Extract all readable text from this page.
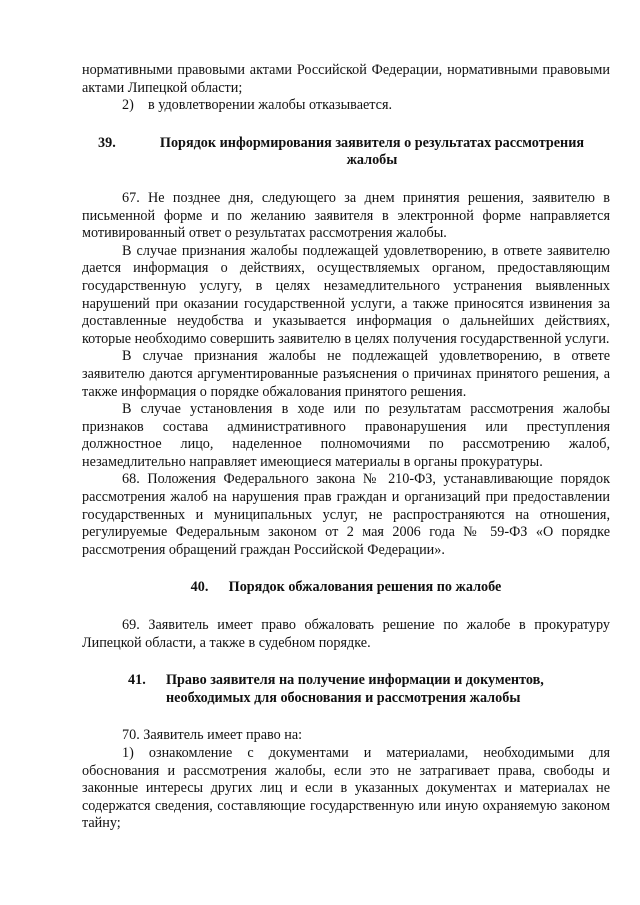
нормативными правовыми актами Российской Федерации, нормативными правовыми актами Липецкой области;

2)    в удовлетворении жалобы отказывается.

39.	Порядок информирования заявителя о результатах рассмотрения жалобы

67. Не позднее дня, следующего за днем принятия решения, заявителю в письменной форме и по желанию заявителя в электронной форме направляется мотивированный ответ о результатах рассмотрения жалобы.

В случае признания жалобы подлежащей удовлетворению, в ответе заявителю дается информация о действиях, осуществляемых органом, предоставляющим государственную услугу, в целях незамедлительного устранения выявленных нарушений при оказании государственной услуги, а также приносятся извинения за доставленные неудобства и указывается информация о дальнейших действиях, которые необходимо совершить заявителю в целях получения государственной услуги.

В случае признания жалобы не подлежащей удовлетворению, в ответе заявителю даются аргументированные разъяснения о причинах принятого решения, а также информация о порядке обжалования принятого решения.

В случае установления в ходе или по результатам рассмотрения жалобы признаков состава административного правонарушения или преступления должностное лицо, наделенное полномочиями по рассмотрению жалоб, незамедлительно направляет имеющиеся материалы в органы прокуратуры.

68. Положения Федерального закона № 210-ФЗ, устанавливающие порядок рассмотрения жалоб на нарушения прав граждан и организаций при предоставлении государственных и муниципальных услуг, не распространяются на отношения, регулируемые Федеральным законом от 2 мая 2006 года № 59-ФЗ «О порядке рассмотрения обращений граждан Российской Федерации».

40.	Порядок обжалования решения по жалобе

69. Заявитель имеет право обжаловать решение по жалобе в прокуратуру Липецкой области, а также в судебном порядке.

41.	Право заявителя на получение информации и документов,
необходимых для обоснования и рассмотрения жалобы

70. Заявитель имеет право на:

1) ознакомление с документами и материалами, необходимыми для обоснования и рассмотрения жалобы, если это не затрагивает права, свободы и законные интересы других лиц и если в указанных документах и материалах не содержатся сведения, составляющие государственную или иную охраняемую законом тайну;
